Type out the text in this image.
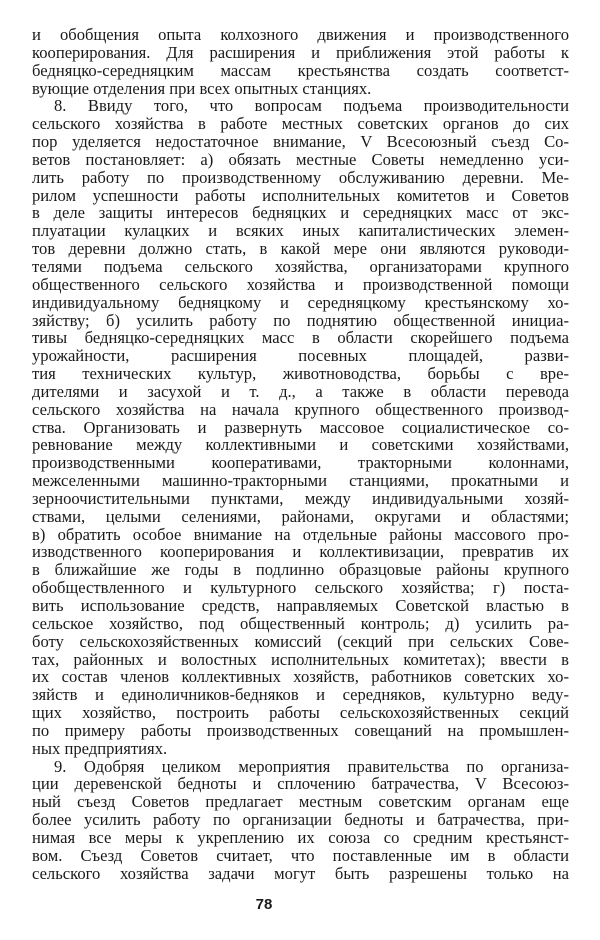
и обобщения опыта колхозного движения и производственного
кооперирования. Для расширения и приближения этой работы к
бедняцко-середняцким массам крестьянства создать соответст-
вующие отделения при всех опытных станциях.
8. Ввиду того, что вопросам подъема производительности
сельского хозяйства в работе местных советских органов до сих
пор уделяется недостаточное внимание, V Всесоюзный съезд Со-
ветов постановляет: а) обязать местные Советы немедленно уси-
лить работу по производственному обслуживанию деревни. Ме-
рилом успешности работы исполнительных комитетов и Советов
в деле защиты интересов бедняцких и середняцких масс от экс-
плуатации кулацких и всяких иных капиталистических элемен-
тов деревни должно стать, в какой мере они являются руководи-
телями подъема сельского хозяйства, организаторами крупного
общественного сельского хозяйства и производственной помощи
индивидуальному бедняцкому и середняцкому крестьянскому хо-
зяйству; б) усилить работу по поднятию общественной инициа-
тивы бедняцко-середняцких масс в области скорейшего подъема
урожайности, расширения посевных площадей, разви-
тия технических культур, животноводства, борьбы с вре-
дителями и засухой и т. д., а также в области перевода
сельского хозяйства на начала крупного общественного производ-
ства. Организовать и развернуть массовое социалистическое со-
ревнование между коллективными и советскими хозяйствами,
производственными кооперативами, тракторными колоннами,
межселенными машинно-тракторными станциями, прокатными и
зерноочистительными пунктами, между индивидуальными хозяй-
ствами, целыми селениями, районами, округами и областями;
в) обратить особое внимание на отдельные районы массового про-
изводственного кооперирования и коллективизации, превратив их
в ближайшие же годы в подлинно образцовые районы крупного
обобществленного и культурного сельского хозяйства; г) поста-
вить использование средств, направляемых Советской властью в
сельское хозяйство, под общественный контроль; д) усилить ра-
боту сельскохозяйственных комиссий (секций при сельских Сове-
тах, районных и волостных исполнительных комитетах); ввести в
их состав членов коллективных хозяйств, работников советских хо-
зяйств и единоличников-бедняков и середняков, культурно веду-
щих хозяйство, построить работы сельскохозяйственных секций
по примеру работы производственных совещаний на промышлен-
ных предприятиях.
9. Одобряя целиком мероприятия правительства по организа-
ции деревенской бедноты и сплочению батрачества, V Всесоюз-
ный съезд Советов предлагает местным советским органам еще
более усилить работу по организации бедноты и батрачества, при-
нимая все меры к укреплению их союза со средним крестьянст-
вом. Съезд Советов считает, что поставленные им в области
сельского хозяйства задачи могут быть разрешены только на
78
